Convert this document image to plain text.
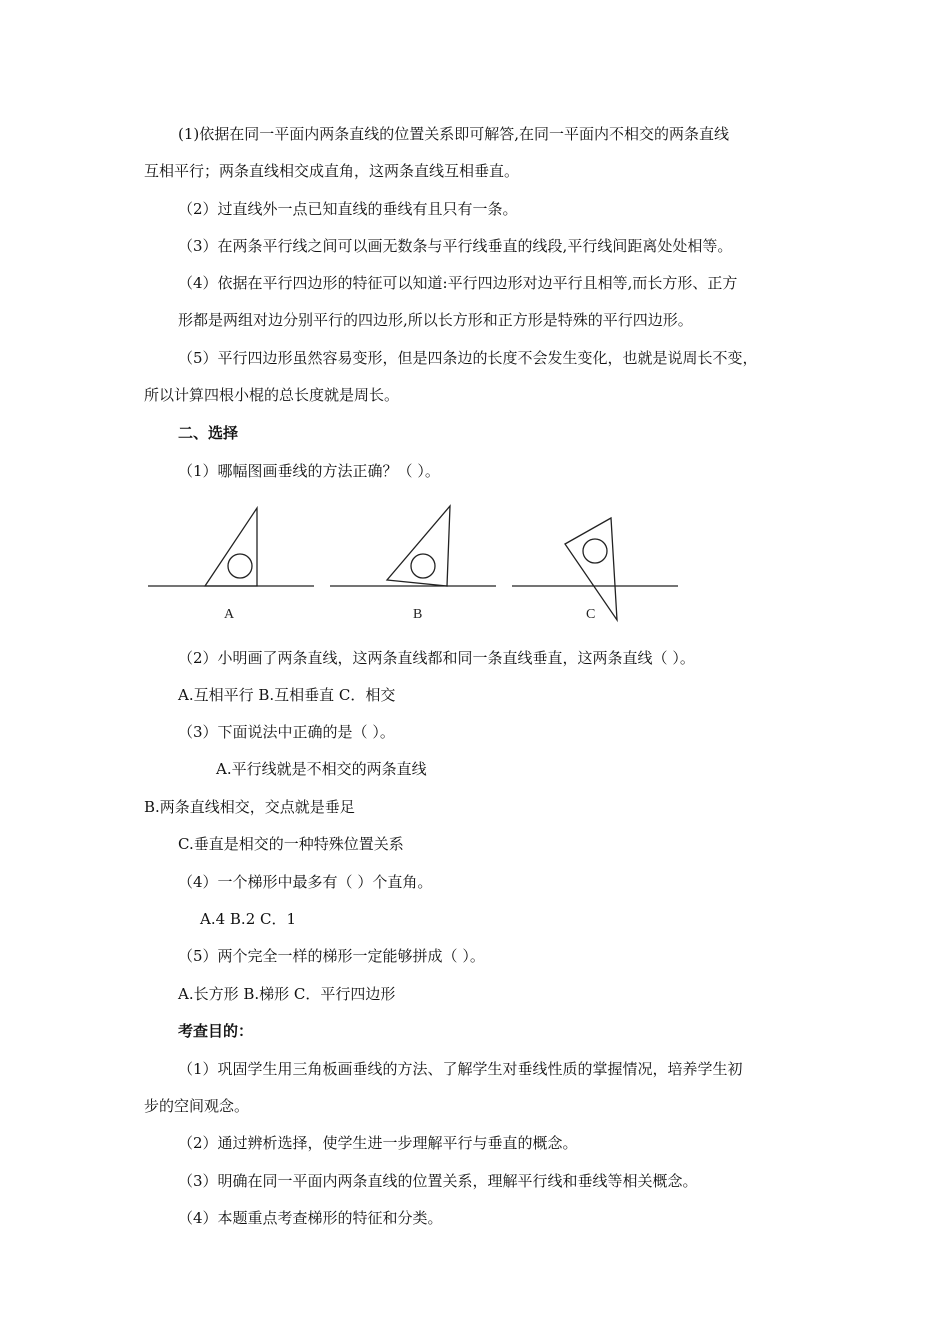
(1)依据在同一平面内两条直线的位置关系即可解答,在同一平面内不相交的两条直线
互相平行；两条直线相交成直角，这两条直线互相垂直。
（2）过直线外一点已知直线的垂线有且只有一条。
（3）在两条平行线之间可以画无数条与平行线垂直的线段,平行线间距离处处相等。
（4）依据在平行四边形的特征可以知道:平行四边形对边平行且相等,而长方形、正方
形都是两组对边分别平行的四边形,所以长方形和正方形是特殊的平行四边形。
（5）平行四边形虽然容易变形，但是四条边的长度不会发生变化，也就是说周长不变，
所以计算四根小棍的总长度就是周长。
二、选择
（1）哪幅图画垂线的方法正确？（ ）。
A	B	C
（2）小明画了两条直线，这两条直线都和同一条直线垂直，这两条直线（ ）。
A.互相平行 B.互相垂直 C．相交
（3）下面说法中正确的是（ ）。
A.平行线就是不相交的两条直线
B.两条直线相交，交点就是垂足
C.垂直是相交的一种特殊位置关系
（4）一个梯形中最多有（ ）个直角。
A.4 B.2 C．1
（5）两个完全一样的梯形一定能够拼成（ ）。
A.长方形 B.梯形 C．平行四边形
考查目的：
（1）巩固学生用三角板画垂线的方法、了解学生对垂线性质的掌握情况，培养学生初
步的空间观念。
（2）通过辨析选择，使学生进一步理解平行与垂直的概念。
（3）明确在同一平面内两条直线的位置关系，理解平行线和垂线等相关概念。
（4）本题重点考查梯形的特征和分类。
